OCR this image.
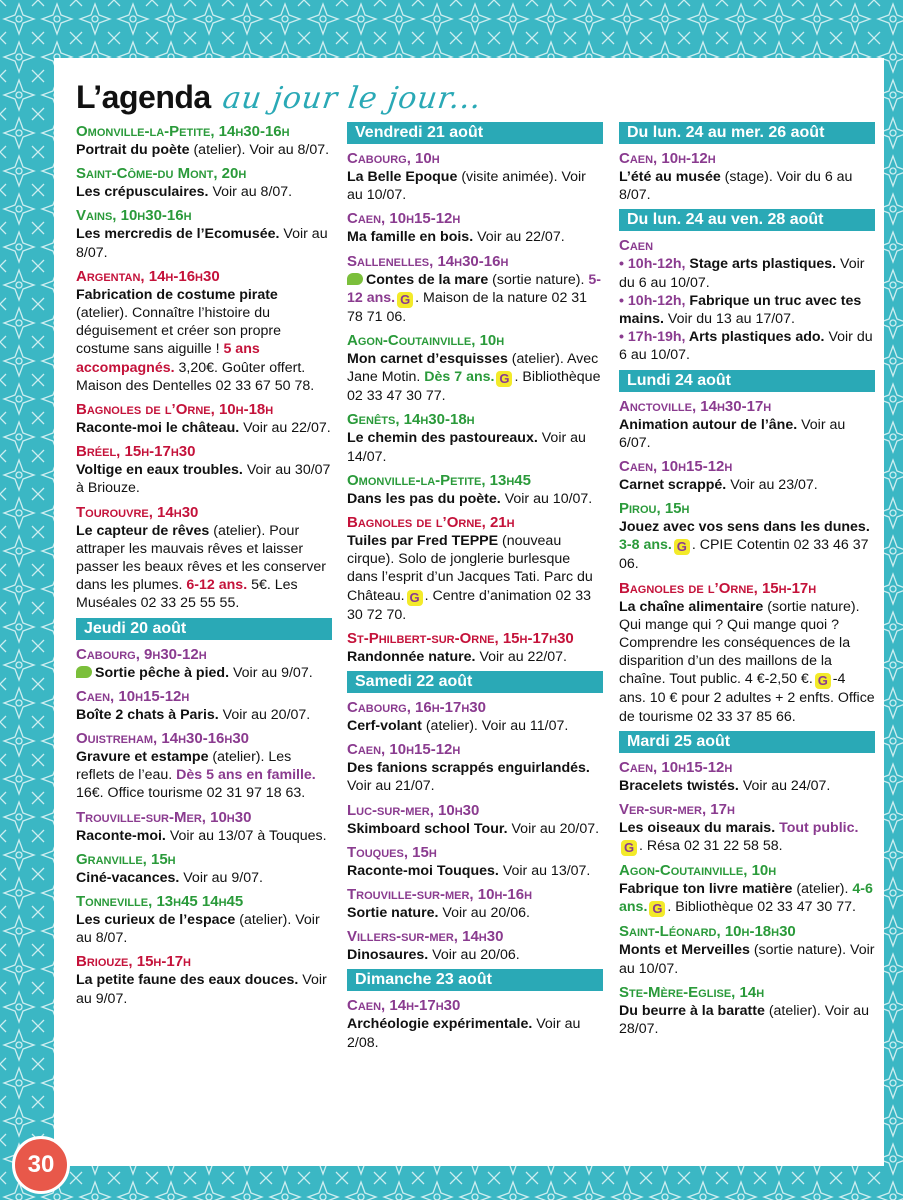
L’agenda au jour le jour...
Omonville-la-Petite, 14h30-16h
Portrait du poète (atelier). Voir au 8/07.
Saint-Côme-du Mont, 20h
Les crépusculaires. Voir au 8/07.
Vains, 10h30-16h
Les mercredis de l’Ecomusée. Voir au 8/07.
Argentan, 14h-16h30
Fabrication de costume pirate (atelier). Connaître l’histoire du déguisement et créer son propre costume sans aiguille ! 5 ans accompagnés. 3,20€. Goûter offert. Maison des Dentelles 02 33 67 50 78.
Bagnoles de l’Orne, 10h-18h
Raconte-moi le château. Voir au 22/07.
Bréel, 15h-17h30
Voltige en eaux troubles. Voir au 30/07 à Briouze.
Tourouvre, 14h30
Le capteur de rêves (atelier). Pour attraper les mauvais rêves et laisser passer les beaux rêves et les conserver dans les plumes. 6-12 ans. 5€. Les Muséales 02 33 25 55 55.
Jeudi 20 août
Cabourg, 9h30-12h
Sortie pêche à pied. Voir au 9/07.
Caen, 10h15-12h
Boîte 2 chats à Paris. Voir au 20/07.
Ouistreham, 14h30-16h30
Gravure et estampe (atelier). Les reflets de l’eau. Dès 5 ans en famille. 16€. Office tourisme 02 31 97 18 63.
Trouville-sur-Mer, 10h30
Raconte-moi. Voir au 13/07 à Touques.
Granville, 15h
Ciné-vacances. Voir au 9/07.
Tonneville, 13h45 14h45
Les curieux de l’espace (atelier). Voir au 8/07.
Briouze, 15h-17h
La petite faune des eaux douces. Voir au 9/07.
Vendredi 21 août
Cabourg, 10h
La Belle Epoque (visite animée). Voir au 10/07.
Caen, 10h15-12h
Ma famille en bois. Voir au 22/07.
Sallenelles, 14h30-16h
Contes de la mare (sortie nature). 5-12 ans. G . Maison de la nature 02 31 78 71 06.
Agon-Coutainville, 10h
Mon carnet d’esquisses (atelier). Avec Jane Motin. Dès 7 ans. G . Bibliothèque 02 33 47 30 77.
Genêts, 14h30-18h
Le chemin des pastoureaux. Voir au 14/07.
Omonville-la-Petite, 13h45
Dans les pas du poète. Voir au 10/07.
Bagnoles de l’Orne, 21h
Tuiles par Fred TEPPE (nouveau cirque). Solo de jonglerie burlesque dans l’esprit d’un Jacques Tati. Parc du Château. G . Centre d’animation 02 33 30 72 70.
St-Philbert-sur-Orne, 15h-17h30
Randonnée nature. Voir au 22/07.
Samedi 22 août
Cabourg, 16h-17h30
Cerf-volant (atelier). Voir au 11/07.
Caen, 10h15-12h
Des fanions scrappés enguirlandés. Voir au 21/07.
Luc-sur-mer, 10h30
Skimboard school Tour. Voir au 20/07.
Touques, 15h
Raconte-moi Touques. Voir au 13/07.
Trouville-sur-mer, 10h-16h
Sortie nature. Voir au 20/06.
Villers-sur-mer, 14h30
Dinosaures. Voir au 20/06.
Dimanche 23 août
Caen, 14h-17h30
Archéologie expérimentale. Voir au 2/08.
Du lun. 24 au mer. 26 août
Caen, 10h-12h
L’été au musée (stage). Voir du 6 au 8/07.
Du lun. 24 au ven. 28 août
Caen
• 10h-12h, Stage arts plastiques. Voir du 6 au 10/07.
• 10h-12h, Fabrique un truc avec tes mains. Voir du 13 au 17/07.
• 17h-19h, Arts plastiques ado. Voir du 6 au 10/07.
Lundi 24 août
Anctoville, 14h30-17h
Animation autour de l’âne. Voir au 6/07.
Caen, 10h15-12h
Carnet scrappé. Voir au 23/07.
Pirou, 15h
Jouez avec vos sens dans les dunes. 3-8 ans. G . CPIE Cotentin 02 33 46 37 06.
Bagnoles de l’Orne, 15h-17h
La chaîne alimentaire (sortie nature). Qui mange qui ? Qui mange quoi ? Comprendre les conséquences de la disparition d’un des maillons de la chaîne. Tout public. 4 €-2,50 €. G -4 ans. 10 € pour 2 adultes + 2 enfts. Office de tourisme 02 33 37 85 66.
Mardi 25 août
Caen, 10h15-12h
Bracelets twistés. Voir au 24/07.
Ver-sur-mer, 17h
Les oiseaux du marais. Tout public.G . Résa 02 31 22 58 58.
Agon-Coutainville, 10h
Fabrique ton livre matière (atelier). 4-6 ans. G . Bibliothèque 02 33 47 30 77.
Saint-Léonard, 10h-18h30
Monts et Merveilles (sortie nature). Voir au 10/07.
Ste-Mère-Eglise, 14h
Du beurre à la baratte (atelier). Voir au 28/07.
30
